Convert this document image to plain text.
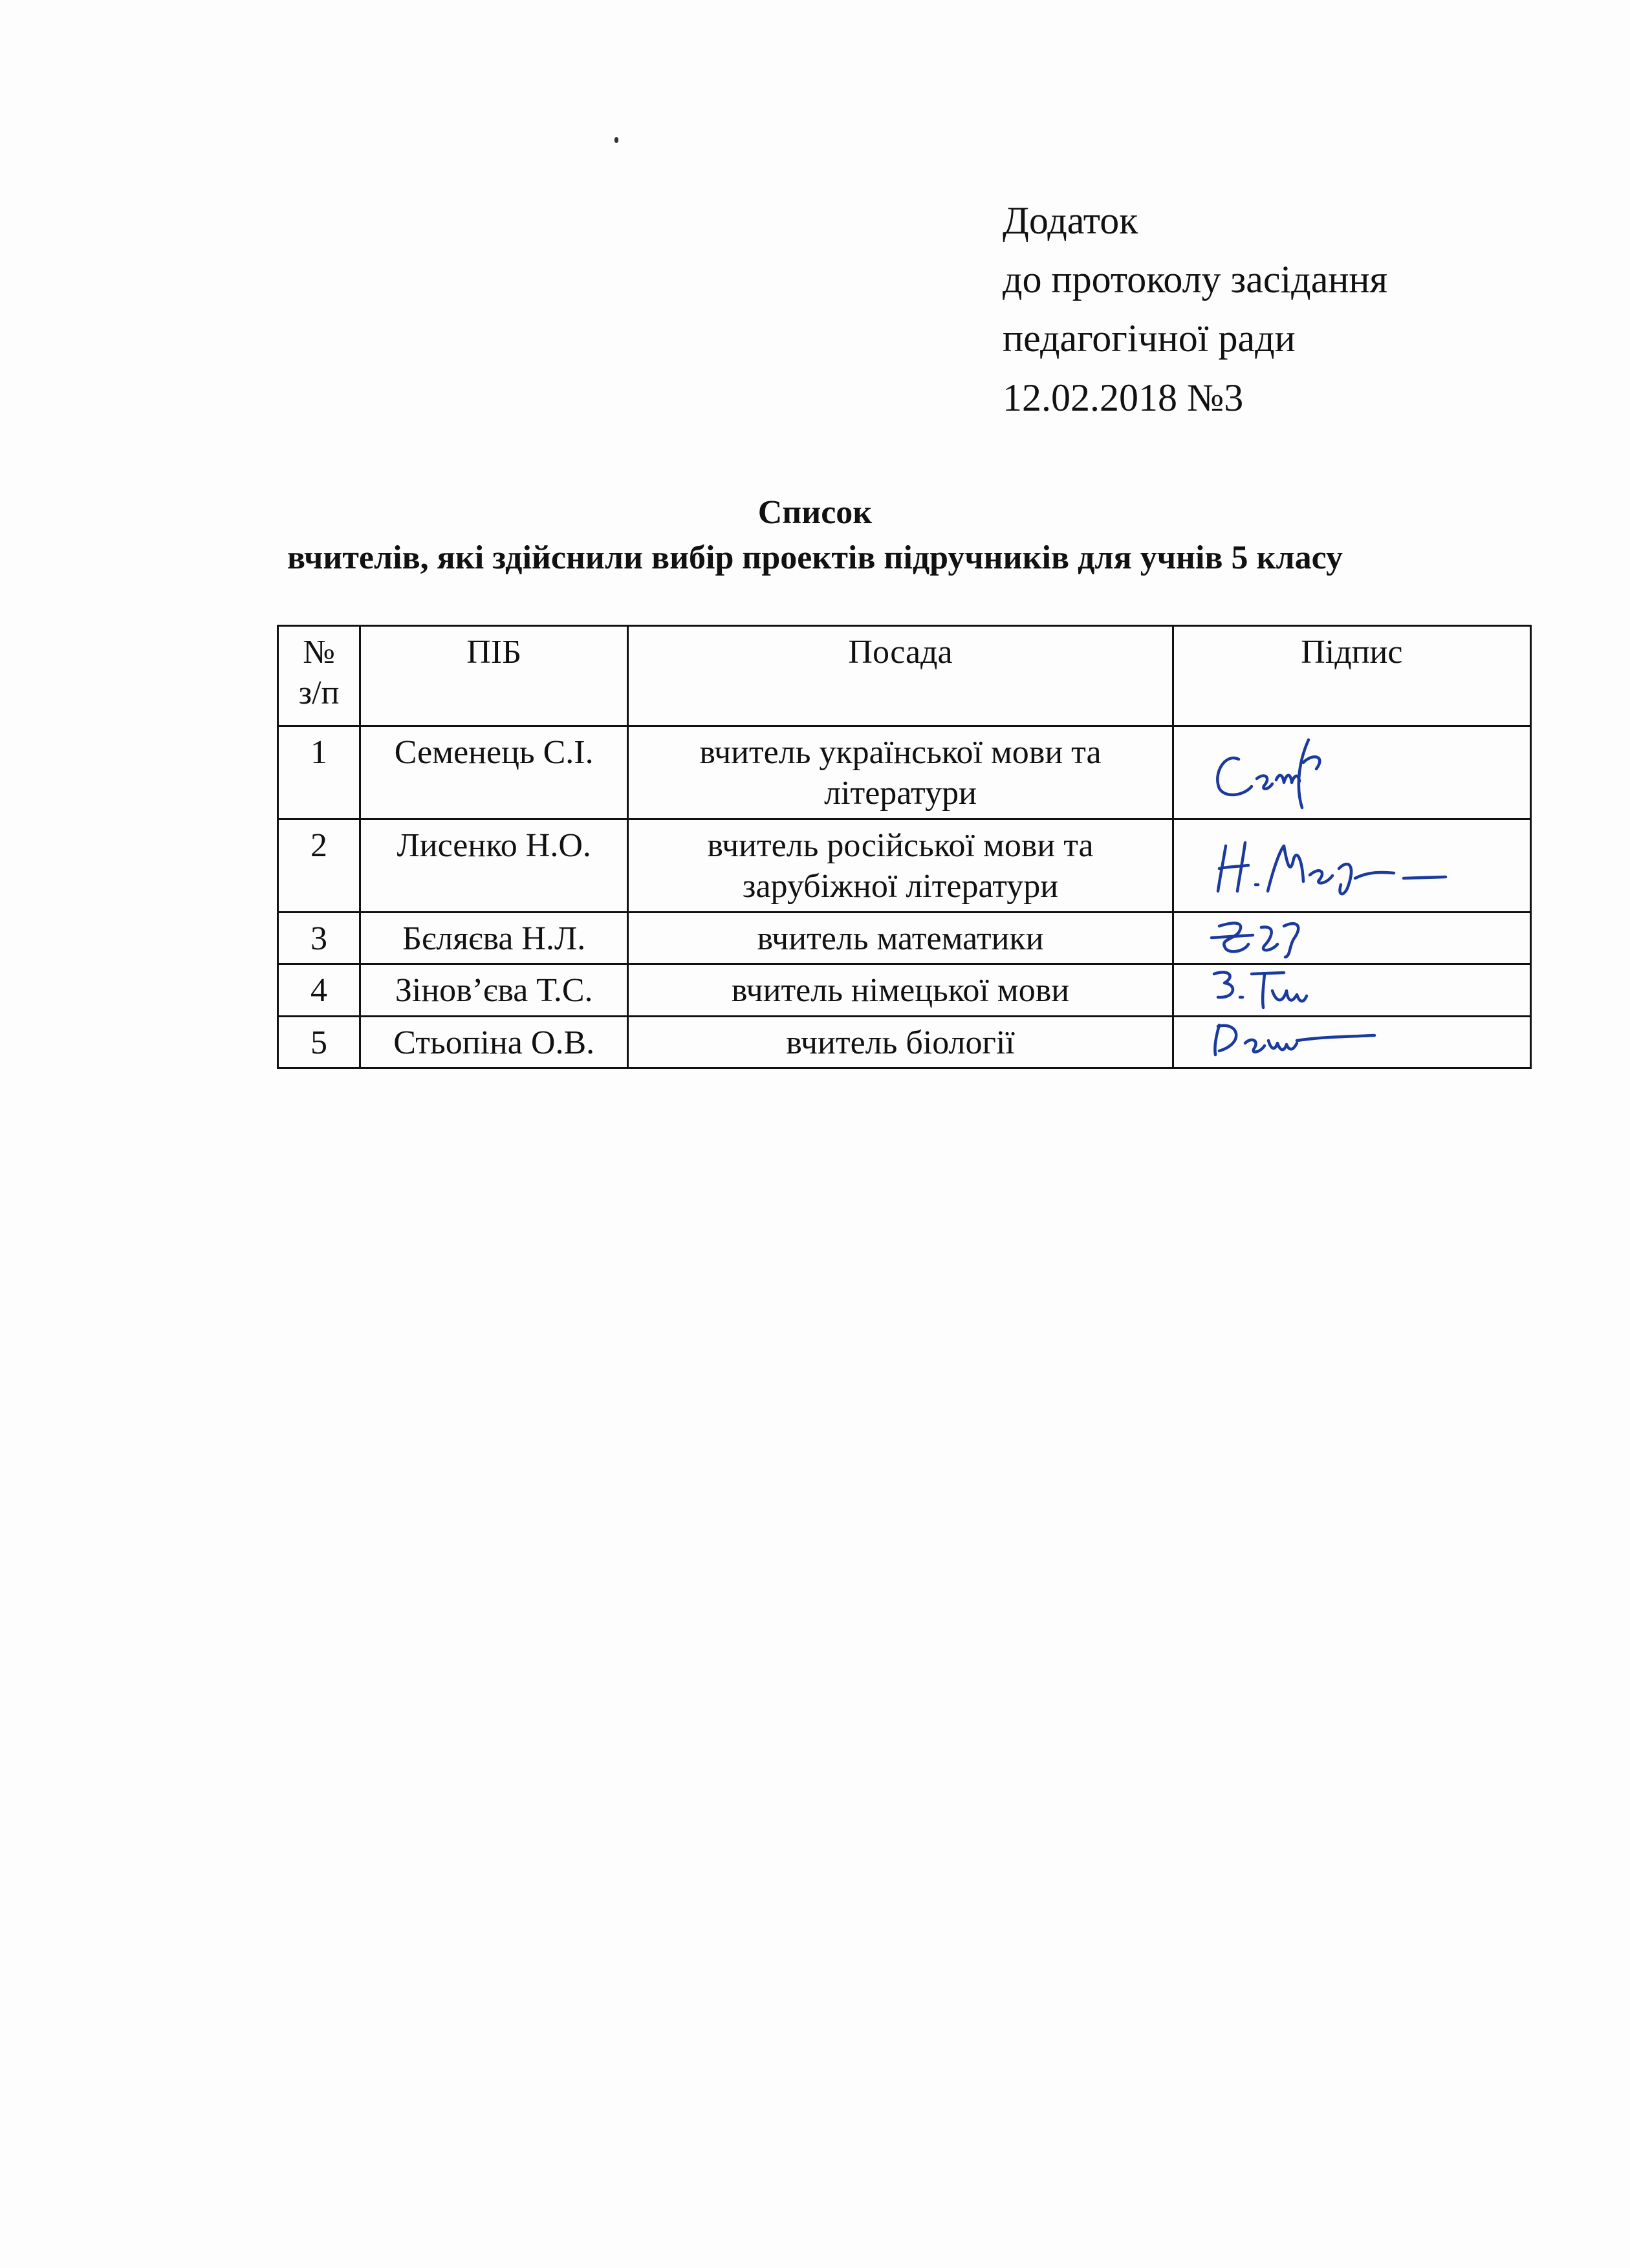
Додаток
до протоколу засідання
педагогічної ради
12.02.2018 №3
Список
вчителів, які здійснили вибір проектів підручників для учнів 5 класу
№
з/п	ПІБ	Посада	Підпис
1	Семенець С.І.	вчитель української мови та
літератури

2	Лисенко Н.О.	вчитель російської мови та
зарубіжної літератури

3	Бєляєва Н.Л.	вчитель математики	

4	Зінов’єва Т.С.	вчитель німецької мови	

5	Стьопіна О.В.	вчитель біології	
